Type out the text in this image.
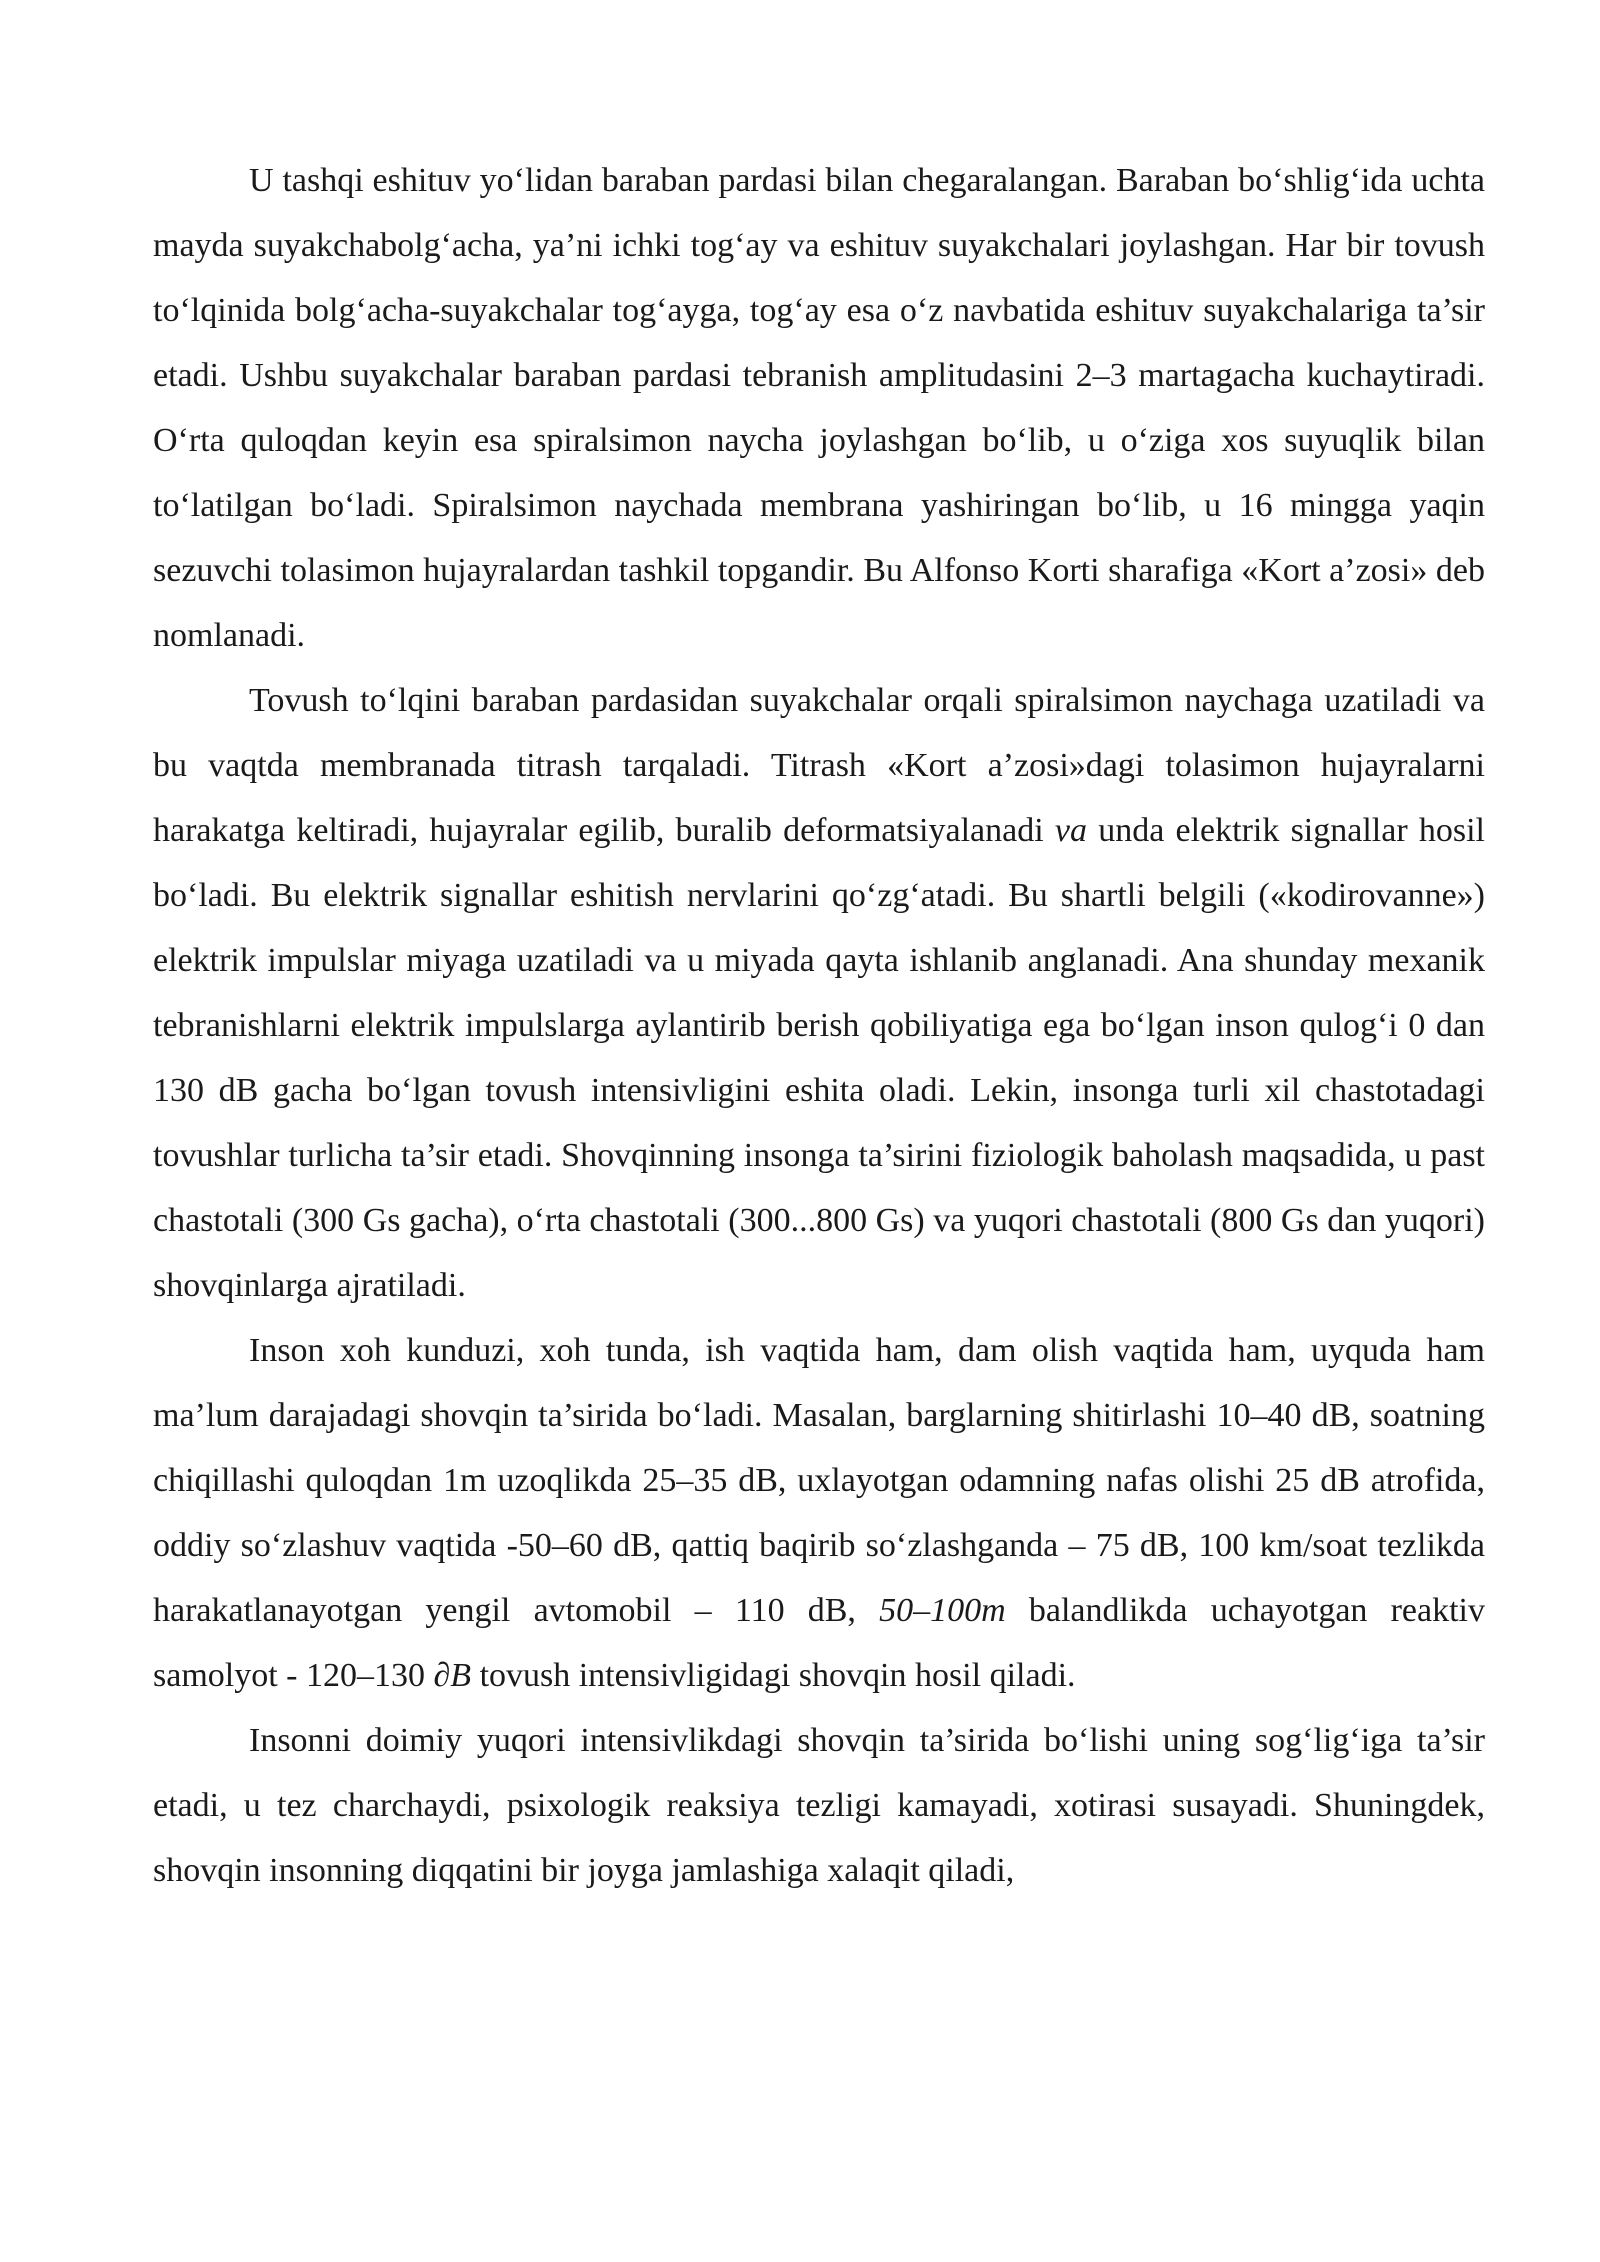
U tashqi eshituv yo‘lidan baraban pardasi bilan chegaralangan. Baraban bo‘shlig‘ida uchta mayda suyakchabolg‘acha, ya’ni ichki tog‘ay va eshituv suyakchalari joylashgan. Har bir tovush to‘lqinida bolg‘acha-suyakchalar tog‘ayga, tog‘ay esa o‘z navbatida eshituv suyakchalariga ta’sir etadi. Ushbu suyakchalar baraban pardasi tebranish amplitudasini 2–3 martagacha kuchaytiradi. O‘rta quloqdan keyin esa spiralsimon naycha joylashgan bo‘lib, u o‘ziga xos suyuqlik bilan to‘latilgan bo‘ladi. Spiralsimon naychada membrana yashiringan bo‘lib, u 16 mingga yaqin sezuvchi tolasimon hujayralardan tashkil topgandir. Bu Alfonso Korti sharafiga «Kort a’zosi» deb nomlanadi.

Tovush to‘lqini baraban pardasidan suyakchalar orqali spiralsimon naychaga uzatiladi va bu vaqtda membranada titrash tarqaladi. Titrash «Kort a’zosi»dagi tolasimon hujayralarni harakatga keltiradi, hujayralar egilib, buralib deformatsiyalanadi va unda elektrik signallar hosil bo‘ladi. Bu elektrik signallar eshitish nervlarini qo‘zg‘atadi. Bu shartli belgili («kodirovanne») elektrik impulslar miyaga uzatiladi va u miyada qayta ishlanib anglanadi. Ana shunday mexanik tebranishlarni elektrik impulslarga aylantirib berish qobiliyatiga ega bo‘lgan inson qulog‘i 0 dan 130 dB gacha bo‘lgan tovush intensivligini eshita oladi. Lekin, insonga turli xil chastotadagi tovushlar turlicha ta’sir etadi. Shovqinning insonga ta’sirini fiziologik baholash maqsadida, u past chastotali (300 Gs gacha), o‘rta chastotali (300...800 Gs) va yuqori chastotali (800 Gs dan yuqori) shovqinlarga ajratiladi.

Inson xoh kunduzi, xoh tunda, ish vaqtida ham, dam olish vaqtida ham, uyquda ham ma’lum darajadagi shovqin ta’sirida bo‘ladi. Masalan, barglarning shitirlashi 10–40 dB, soatning chiqillashi quloqdan 1m uzoqlikda 25–35 dB, uxlayotgan odamning nafas olishi 25 dB atrofida, oddiy so‘zlashuv vaqtida -50–60 dB, qattiq baqirib so‘zlashganda – 75 dB, 100 km/soat tezlikda harakatlanayotgan yengil avtomobil – 110 dB, 50–100m balandlikda uchayotgan reaktiv samolyot - 120–130 ∂B tovush intensivligidagi shovqin hosil qiladi.

Insonni doimiy yuqori intensivlikdagi shovqin ta’sirida bo‘lishi uning sog‘lig‘iga ta’sir etadi, u tez charchaydi, psixologik reaksiya tezligi kamayadi, xotirasi susayadi. Shuningdek, shovqin insonning diqqatini bir joyga jamlashiga xalaqit qiladi,
